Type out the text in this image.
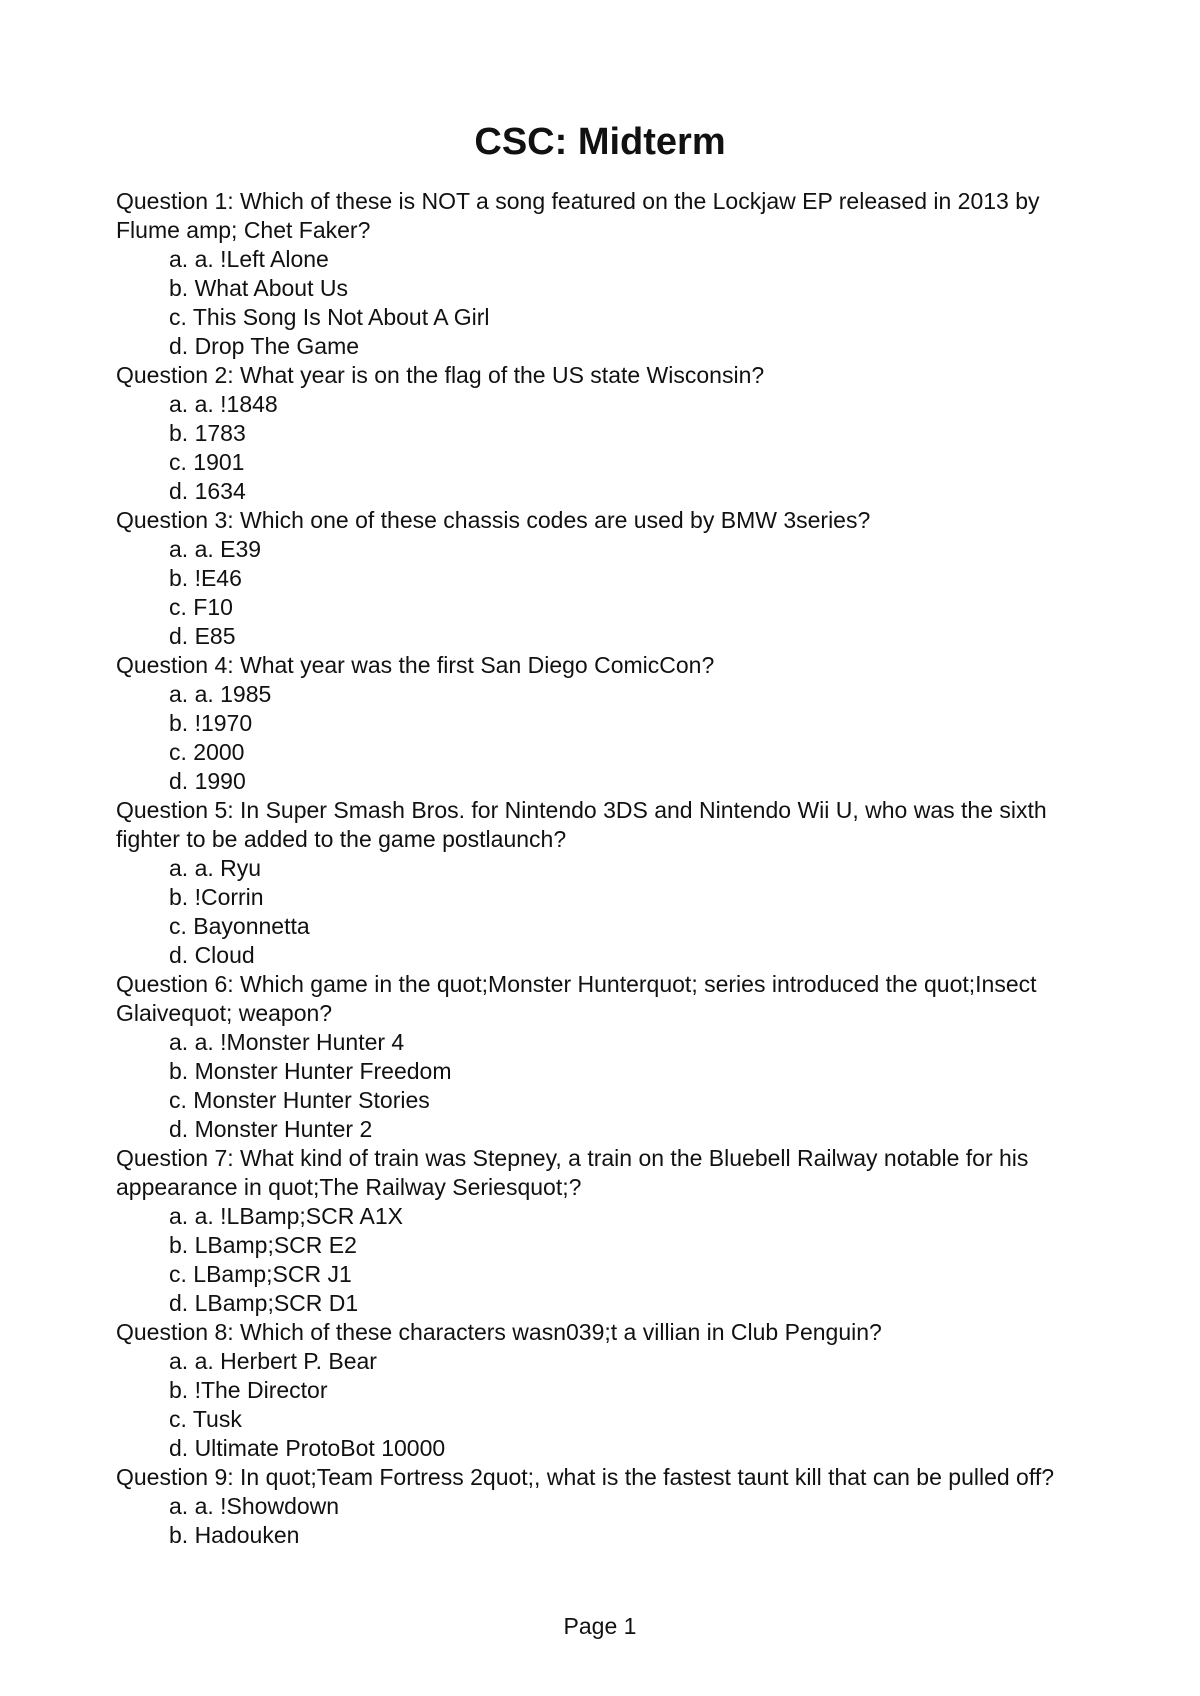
CSC: Midterm

Question 1: Which of these is NOT a song featured on the Lockjaw EP released in 2013 by Flume amp; Chet Faker?

a. a. !Left Alone
b. What About Us
c. This Song Is Not About A Girl
d. Drop The Game

Question 2: What year is on the flag of the US state Wisconsin?

a. a. !1848
b. 1783
c. 1901
d. 1634

Question 3: Which one of these chassis codes are used by BMW 3series?

a. a. E39
b. !E46
c. F10
d. E85

Question 4: What year was the first San Diego ComicCon?

a. a. 1985
b. !1970
c. 2000
d. 1990

Question 5: In Super Smash Bros. for Nintendo 3DS and Nintendo Wii U, who was the sixth fighter to be added to the game postlaunch?

a. a. Ryu
b. !Corrin
c. Bayonnetta
d. Cloud

Question 6: Which game in the quot;Monster Hunterquot; series introduced the quot;Insect Glaivequot; weapon?

a. a. !Monster Hunter 4
b. Monster Hunter Freedom
c. Monster Hunter Stories
d. Monster Hunter 2

Question 7: What kind of train was Stepney, a train on the Bluebell Railway notable for his appearance in quot;The Railway Seriesquot;?

a. a. !LBamp;SCR A1X
b. LBamp;SCR E2
c. LBamp;SCR J1
d. LBamp;SCR D1

Question 8: Which of these characters wasn039;t a villian in Club Penguin?

a. a. Herbert P. Bear
b. !The Director
c. Tusk
d. Ultimate ProtoBot 10000

Question 9: In quot;Team Fortress 2quot;, what is the fastest taunt kill that can be pulled off?

a. a. !Showdown
b. Hadouken
Page 1
